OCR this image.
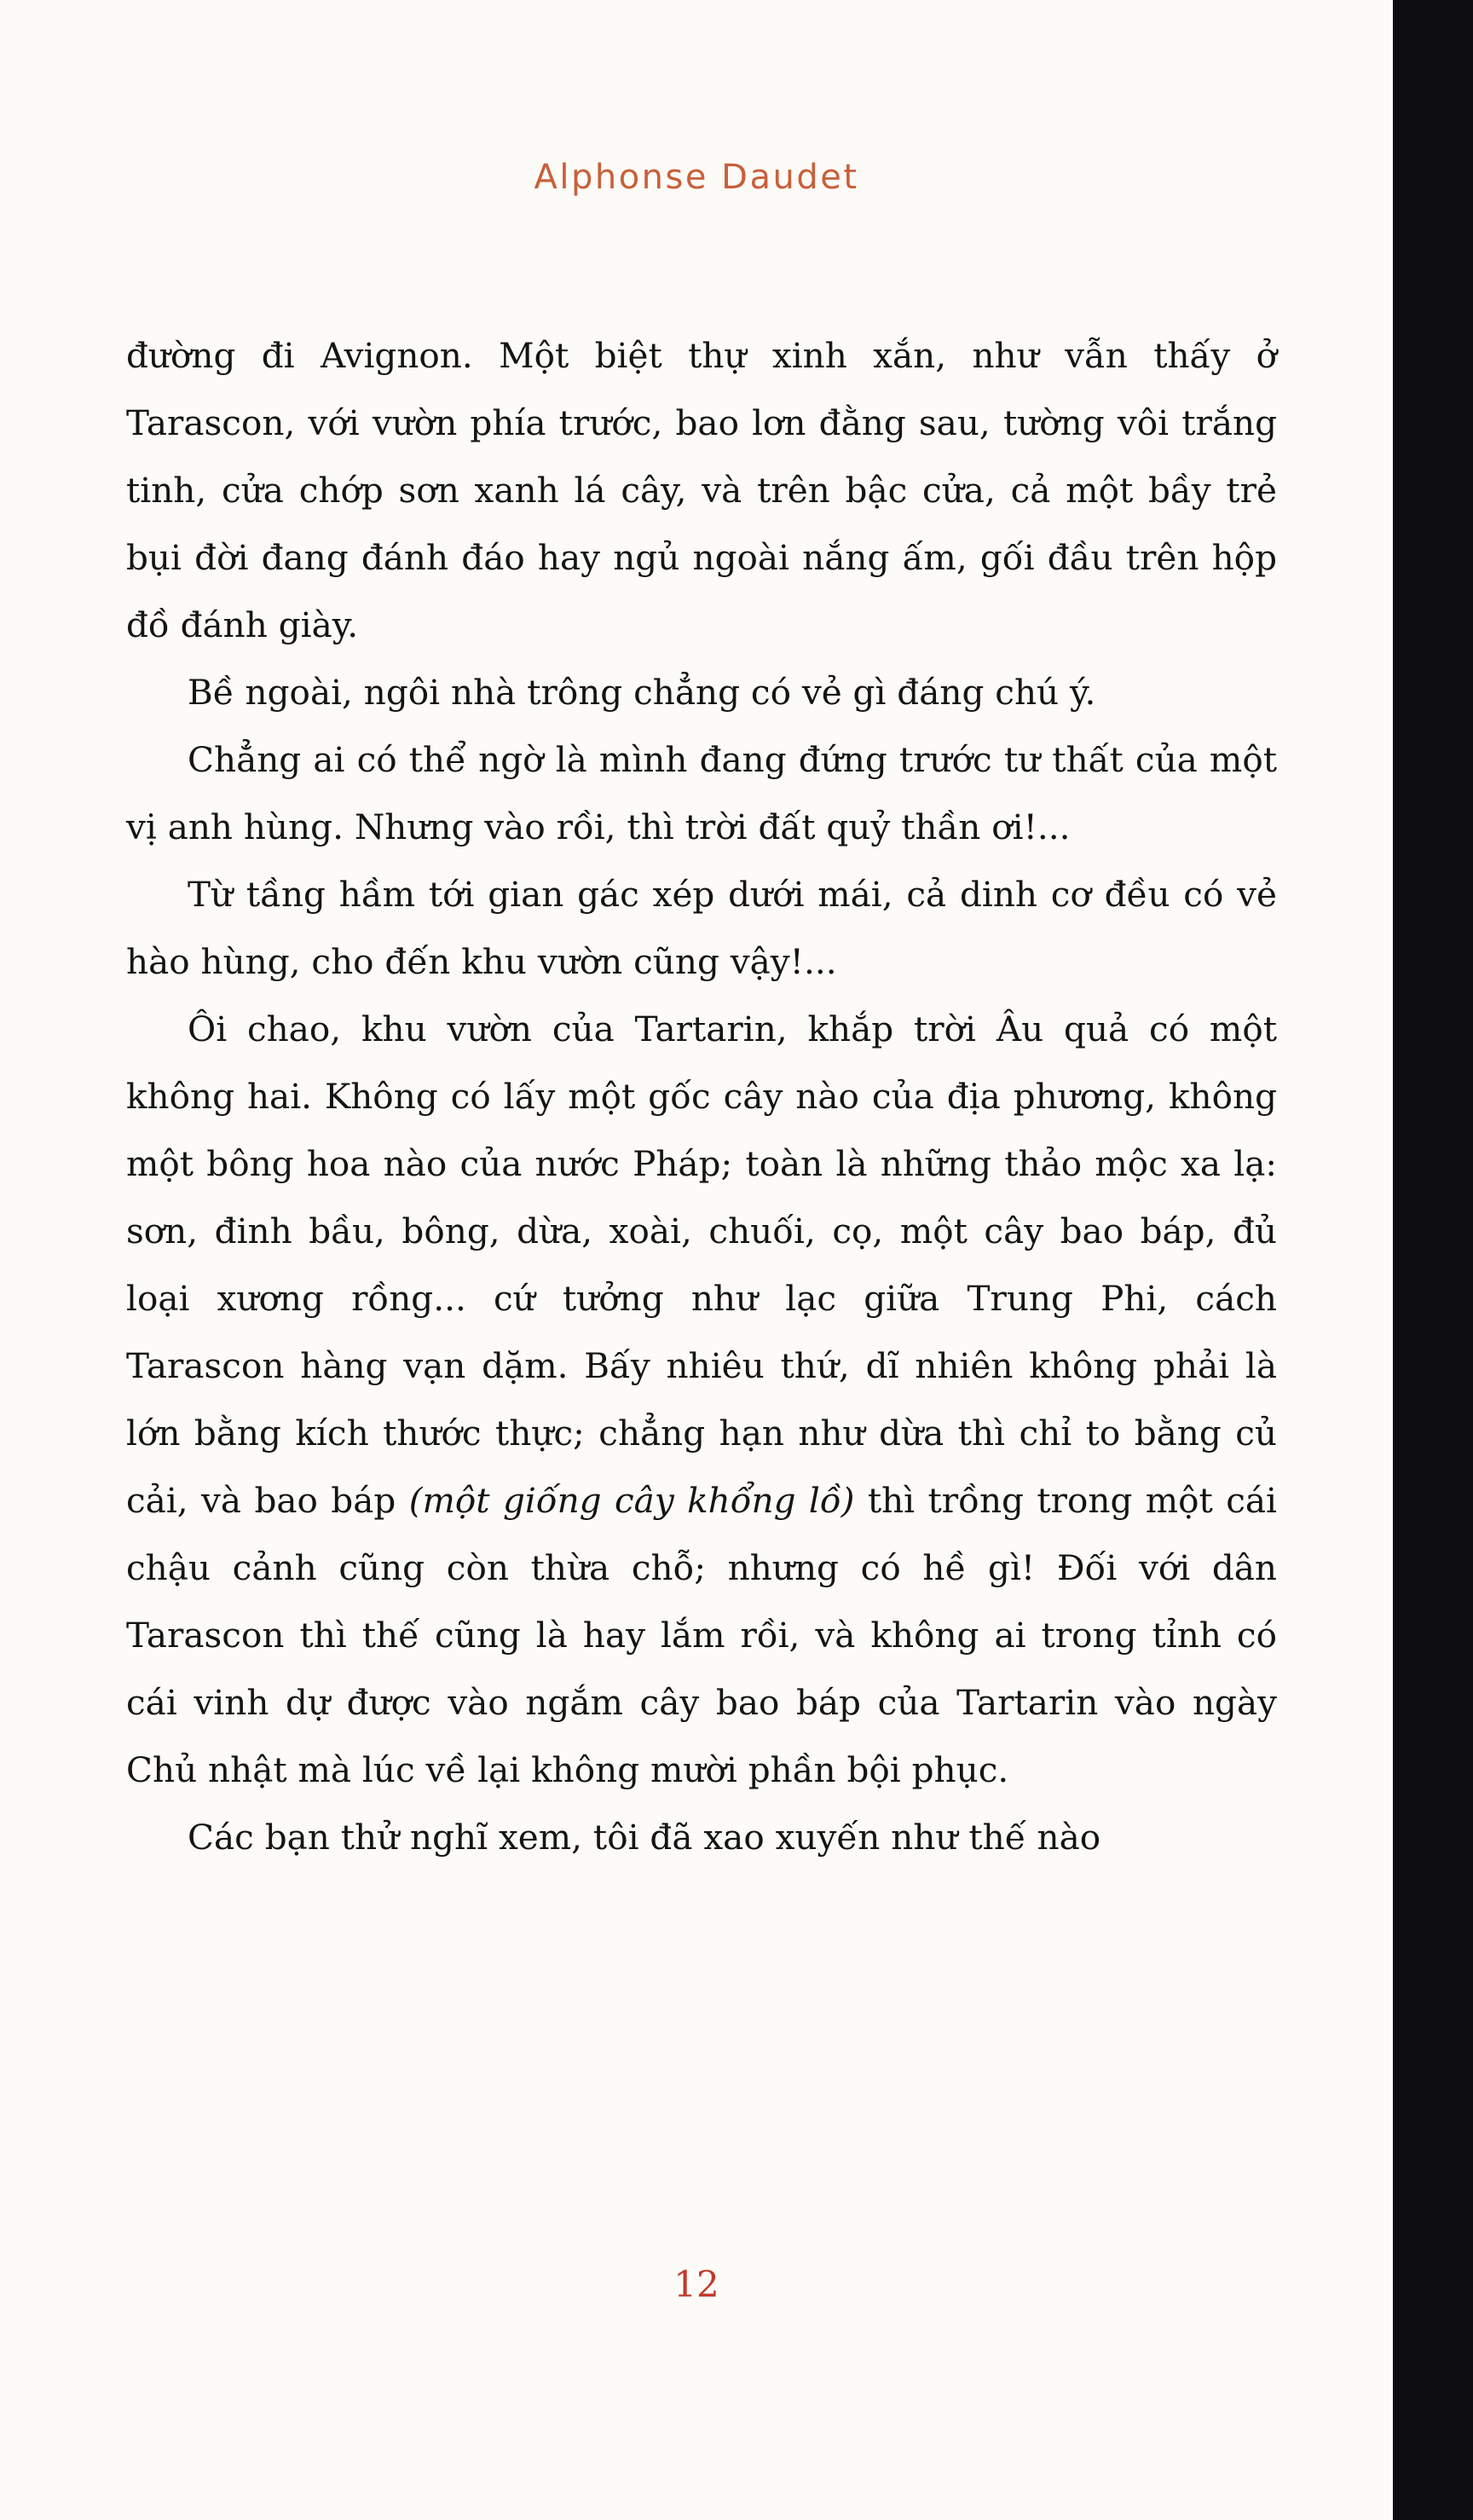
Alphonse Daudet

đường đi Avignon. Một biệt thự xinh xắn, như vẫn thấy ở Tarascon, với vườn phía trước, bao lơn đằng sau, tường vôi trắng tinh, cửa chớp sơn xanh lá cây, và trên bậc cửa, cả một bầy trẻ bụi đời đang đánh đáo hay ngủ ngoài nắng ấm, gối đầu trên hộp đồ đánh giày.

Bề ngoài, ngôi nhà trông chẳng có vẻ gì đáng chú ý.

Chẳng ai có thể ngờ là mình đang đứng trước tư thất của một vị anh hùng. Nhưng vào rồi, thì trời đất quỷ thần ơi!...

Từ tầng hầm tới gian gác xép dưới mái, cả dinh cơ đều có vẻ hào hùng, cho đến khu vườn cũng vậy!...

Ôi chao, khu vườn của Tartarin, khắp trời Âu quả có một không hai. Không có lấy một gốc cây nào của địa phương, không một bông hoa nào của nước Pháp; toàn là những thảo mộc xa lạ: sơn, đinh bầu, bông, dừa, xoài, chuối, cọ, một cây bao báp, đủ loại xương rồng... cứ tưởng như lạc giữa Trung Phi, cách Tarascon hàng vạn dặm. Bấy nhiêu thứ, dĩ nhiên không phải là lớn bằng kích thước thực; chẳng hạn như dừa thì chỉ to bằng củ cải, và bao báp (một giống cây khổng lồ) thì trồng trong một cái chậu cảnh cũng còn thừa chỗ; nhưng có hề gì! Đối với dân Tarascon thì thế cũng là hay lắm rồi, và không ai trong tỉnh có cái vinh dự được vào ngắm cây bao báp của Tartarin vào ngày Chủ nhật mà lúc về lại không mười phần bội phục.

Các bạn thử nghĩ xem, tôi đã xao xuyến như thế nào

12
